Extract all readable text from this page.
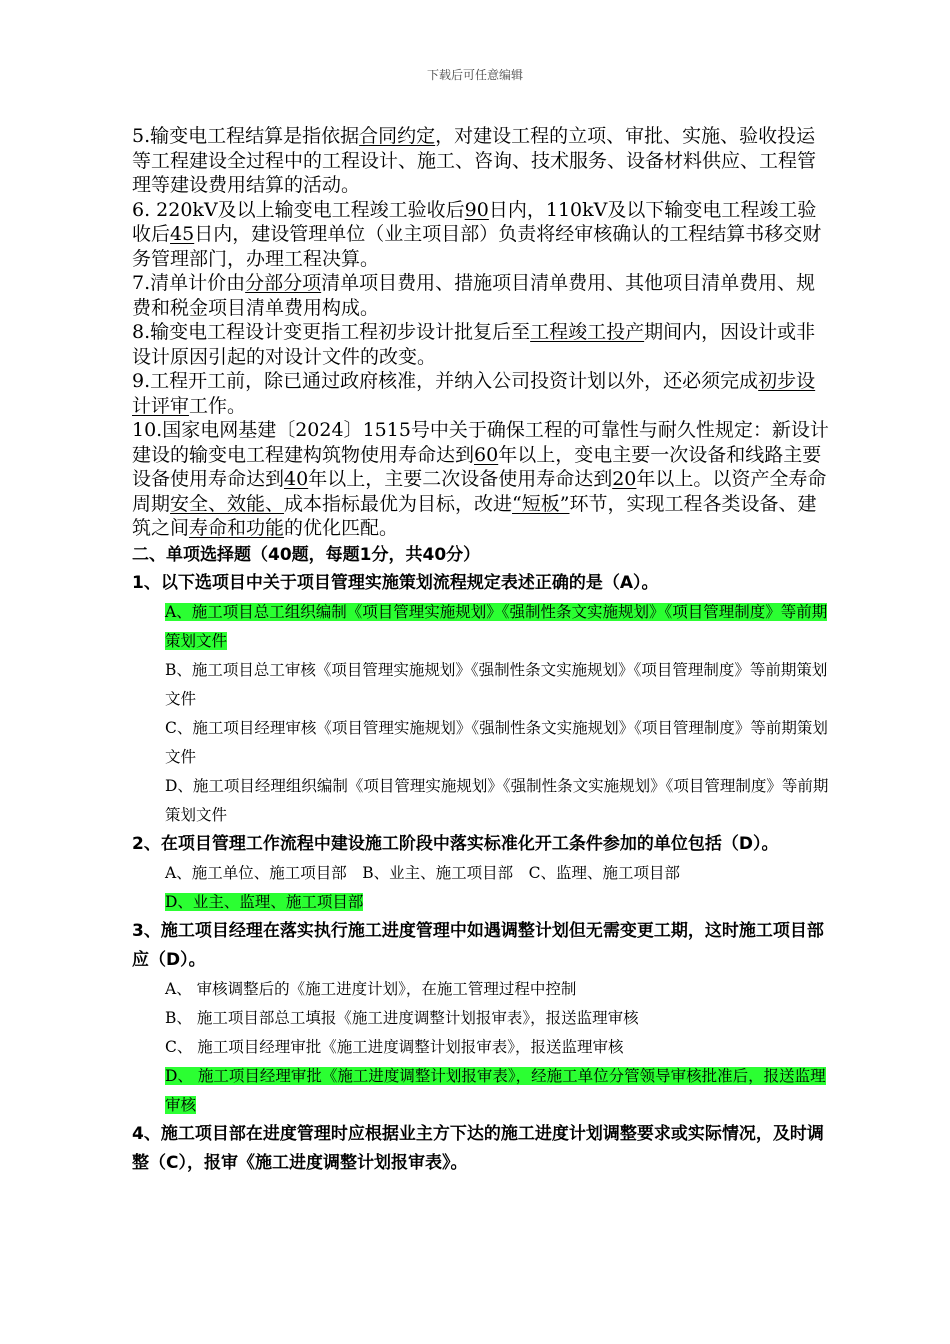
下载后可任意编辑

5.输变电工程结算是指依据合同约定，对建设工程的立项、审批、实施、验收投运等工程建设全过程中的工程设计、施工、咨询、技术服务、设备材料供应、工程管理等建设费用结算的活动。

6. 220kV及以上输变电工程竣工验收后90日内，110kV及以下输变电工程竣工验收后45日内，建设管理单位（业主项目部）负责将经审核确认的工程结算书移交财务管理部门，办理工程决算。

7.清单计价由分部分项清单项目费用、措施项目清单费用、其他项目清单费用、规费和税金项目清单费用构成。

8.输变电工程设计变更指工程初步设计批复后至工程竣工投产期间内，因设计或非设计原因引起的对设计文件的改变。

9.工程开工前，除已通过政府核准，并纳入公司投资计划以外，还必须完成初步设计评审工作。

10.国家电网基建〔2024〕1515号中关于确保工程的可靠性与耐久性规定：新设计建设的输变电工程建构筑物使用寿命达到60年以上，变电主要一次设备和线路主要设备使用寿命达到40年以上，主要二次设备使用寿命达到20年以上。以资产全寿命周期安全、效能、成本指标最优为目标，改进“短板”环节，实现工程各类设备、建筑之间寿命和功能的优化匹配。

二、单项选择题（40题，每题1分，共40分）

1、以下选项目中关于项目管理实施策划流程规定表述正确的是（A）。

A、施工项目总工组织编制《项目管理实施规划》《强制性条文实施规划》《项目管理制度》等前期策划文件

B、施工项目总工审核《项目管理实施规划》《强制性条文实施规划》《项目管理制度》等前期策划文件

C、施工项目经理审核《项目管理实施规划》《强制性条文实施规划》《项目管理制度》等前期策划文件

D、施工项目经理组织编制《项目管理实施规划》《强制性条文实施规划》《项目管理制度》等前期策划文件

2、在项目管理工作流程中建设施工阶段中落实标准化开工条件参加的单位包括（D）。

A、施工单位、施工项目部　B、业主、施工项目部　C、监理、施工项目部

D、业主、监理、施工项目部

3、施工项目经理在落实执行施工进度管理中如遇调整计划但无需变更工期，这时施工项目部应（D）。

A、 审核调整后的《施工进度计划》，在施工管理过程中控制

B、 施工项目部总工填报《施工进度调整计划报审表》，报送监理审核

C、 施工项目经理审批《施工进度调整计划报审表》，报送监理审核

D、 施工项目经理审批《施工进度调整计划报审表》，经施工单位分管领导审核批准后，报送监理审核

4、施工项目部在进度管理时应根据业主方下达的施工进度计划调整要求或实际情况，及时调整（C），报审《施工进度调整计划报审表》。
